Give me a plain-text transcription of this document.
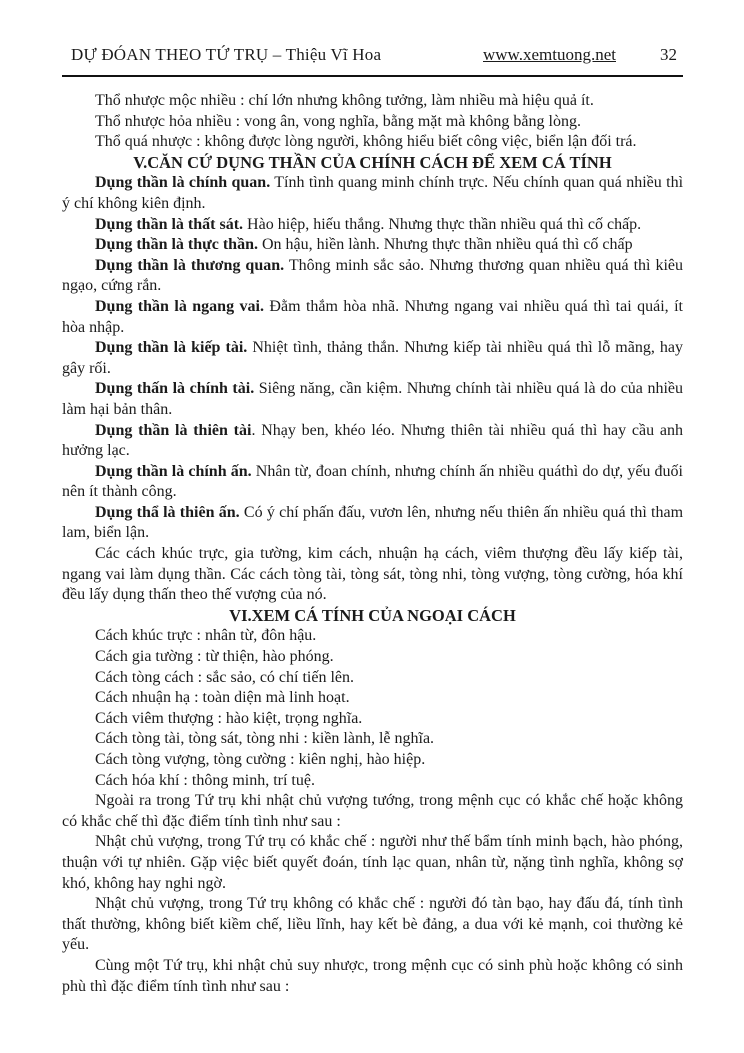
DỰ ĐÓAN THEO TỨ TRỤ – Thiệu Vĩ Hoa	www.xemtuong.net	32

Thổ nhược mộc nhiều : chí lớn nhưng không tưởng, làm nhiều mà hiệu quả ít.

Thổ nhược hỏa nhiều : vong ân, vong nghĩa, bằng mặt mà không bằng lòng.

Thổ quá nhược : không được lòng người, không hiểu biết công việc, biển lận đối trá.

V.CĂN CỨ DỤNG THẦN CỦA CHÍNH CÁCH ĐỂ XEM CÁ TÍNH

Dụng thần là chính quan. Tính tình quang minh chính trực. Nếu chính quan quá nhiều thì ý chí không kiên định.

Dụng thần là thất sát. Hào hiệp, hiếu thắng. Nhưng thực thần nhiều quá thì cố chấp.

Dụng thần là thực thần. On hậu, hiền lành. Nhưng thực thần nhiều quá thì cố chấp

Dụng thần là thương quan. Thông minh sắc sảo. Nhưng thương quan nhiều quá thì kiêu ngạo, cứng rắn.

Dụng thần là ngang vai. Đằm thắm hòa nhã. Nhưng ngang vai nhiều quá thì tai quái, ít hòa nhập.

Dụng thần là kiếp tài. Nhiệt tình, thảng thắn. Nhưng kiếp tài nhiều quá thì lỗ mãng, hay gây rối.

Dụng thấn là chính tài. Siêng năng, cần kiệm. Nhưng chính tài nhiều quá là do của nhiều làm hại bản thân.

Dụng thần là thiên tài. Nhạy ben, khéo léo. Nhưng thiên tài nhiều quá thì hay cầu anh hưởng lạc.

Dụng thần là chính ấn. Nhân từ, đoan chính, nhưng chính ấn nhiều quáthì do dự, yếu đuối nên ít thành công.

Dụng thẩ là thiên ấn. Có ý chí phấn đấu, vươn lên, nhưng nếu thiên ấn nhiều quá thì tham lam, biển lận.

Các cách khúc trực, gia tường, kim cách, nhuận hạ cách, viêm thượng đều lấy kiếp tài, ngang vai làm dụng thần. Các cách tòng tài, tòng sát, tòng nhi, tòng vượng, tòng cường, hóa khí đều lấy dụng thấn theo thế vượng của nó.

VI.XEM CÁ TÍNH CỦA NGOẠI CÁCH

Cách khúc trực : nhân từ, đôn hậu.

Cách gia tường : từ thiện, hào phóng.

Cách tòng cách : sắc sảo, có chí tiến lên.

Cách nhuận hạ : toàn diện mà linh hoạt.

Cách viêm thượng : hào kiệt, trọng nghĩa.

Cách tòng tài, tòng sát, tòng nhi : kiền lành, lễ nghĩa.

Cách tòng vượng, tòng cường : kiên nghị, hào hiệp.

Cách hóa khí : thông minh, trí tuệ.

Ngoài ra trong Tứ trụ khi nhật chủ vượng tướng, trong mệnh cục có khắc chế hoặc không có khắc chế thì đặc điểm tính tình như sau :

Nhật chủ vượng, trong Tứ trụ có khắc chế : người như thế bẩm tính minh bạch, hào phóng, thuận với tự nhiên. Gặp việc biết quyết đoán, tính lạc quan, nhân từ, nặng tình nghĩa, không sợ khó, không hay nghi ngờ.

Nhật chủ vượng, trong Tứ trụ không có khắc chế : người đó tàn bạo, hay đấu đá, tính tình thất thường, không biết kiềm chế, liều lĩnh, hay kết bè đảng, a dua với kẻ mạnh, coi thường kẻ yếu.

Cùng một Tứ trụ, khi nhật chủ suy nhược, trong mệnh cục có sinh phù hoặc không có sinh phù thì đặc điểm tính tình như sau :
